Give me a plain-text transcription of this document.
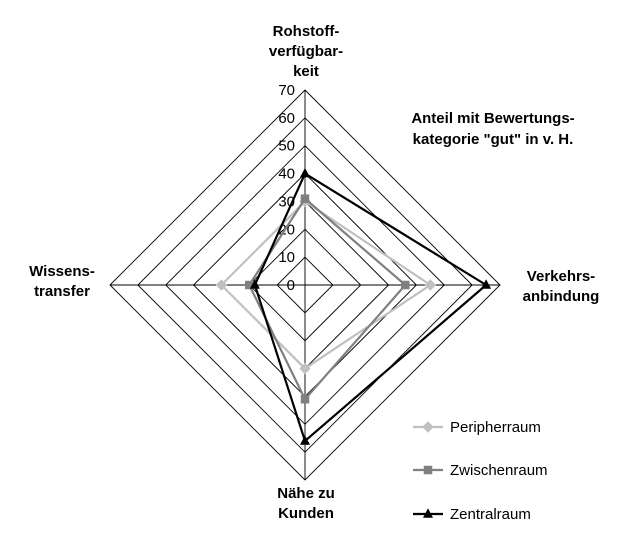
0
10
20
30
40
50
60
70
Rohstoff-verfügbar-keit
Verkehrs-anbindung
Nähe zu Kunden
Wissens-transfer
Anteil mit Bewertungs-
kategorie "gut" in v. H.
Peripherraum
Zwischenraum
Zentralraum
